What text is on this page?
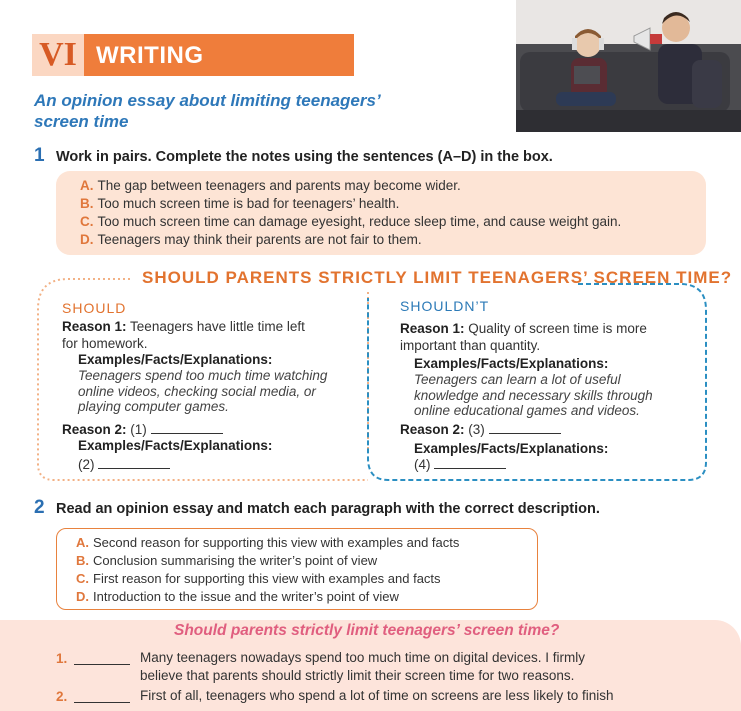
VI WRITING
An opinion essay about limiting teenagers’
screen time
1 Work in pairs. Complete the notes using the sentences (A–D) in the box.
A. The gap between teenagers and parents may become wider.
B. Too much screen time is bad for teenagers’ health.
C. Too much screen time can damage eyesight, reduce sleep time, and cause weight gain.
D. Teenagers may think their parents are not fair to them.
SHOULD PARENTS STRICTLY LIMIT TEENAGERS’ SCREEN TIME?
SHOULD
Reason 1: Teenagers have little time left
for homework.
Examples/Facts/Explanations:
Teenagers spend too much time watching
online videos, checking social media, or
playing computer games.
Reason 2: (1)
Examples/Facts/Explanations:
(2)
SHOULDN’T
Reason 1: Quality of screen time is more
important than quantity.
Examples/Facts/Explanations:
Teenagers can learn a lot of useful
knowledge and necessary skills through
online educational games and videos.
Reason 2: (3)
Examples/Facts/Explanations:
(4)
2 Read an opinion essay and match each paragraph with the correct description.
A. Second reason for supporting this view with examples and facts
B. Conclusion summarising the writer’s point of view
C. First reason for supporting this view with examples and facts
D. Introduction to the issue and the writer’s point of view
Should parents strictly limit teenagers’ screen time?
1.	Many teenagers nowadays spend too much time on digital devices. I firmly
believe that parents should strictly limit their screen time for two reasons.
2.	First of all, teenagers who spend a lot of time on screens are less likely to finish
